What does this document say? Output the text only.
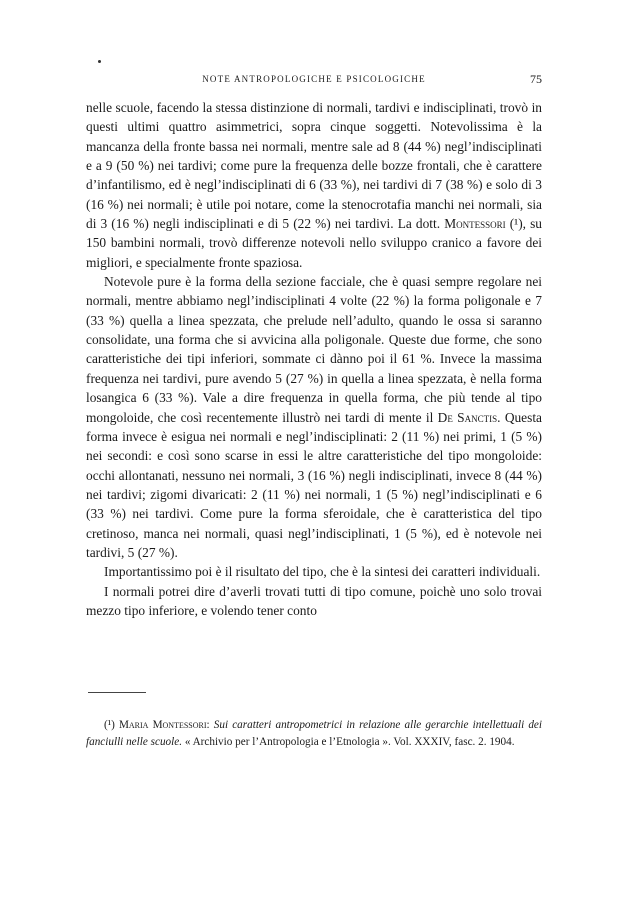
NOTE ANTROPOLOGICHE E PSICOLOGICHE	75

nelle scuole, facendo la stessa distinzione di normali, tardivi e indisciplinati, trovò in questi ultimi quattro asimmetrici, sopra cinque soggetti. Notevolissima è la mancanza della fronte bassa nei normali, mentre sale ad 8 (44 %) negl’indisciplinati e a 9 (50 %) nei tardivi; come pure la frequenza delle bozze frontali, che è carattere d’infantilismo, ed è negl’indisciplinati di 6 (33 %), nei tardivi di 7 (38 %) e solo di 3 (16 %) nei normali; è utile poi notare, come la stenocrotafia manchi nei normali, sia di 3 (16 %) negli indisciplinati e di 5 (22 %) nei tardivi. La dott. Montessori (¹), su 150 bambini normali, trovò differenze notevoli nello sviluppo cranico a favore dei migliori, e specialmente fronte spaziosa.

Notevole pure è la forma della sezione facciale, che è quasi sempre regolare nei normali, mentre abbiamo negl’indisciplinati 4 volte (22 %) la forma poligonale e 7 (33 %) quella a linea spezzata, che prelude nell’adulto, quando le ossa si saranno consolidate, una forma che si avvicina alla poligonale. Queste due forme, che sono caratteristiche dei tipi inferiori, sommate ci dànno poi il 61 %. Invece la massima frequenza nei tardivi, pure avendo 5 (27 %) in quella a linea spezzata, è nella forma losangica 6 (33 %). Vale a dire frequenza in quella forma, che più tende al tipo mongoloide, che così recentemente illustrò nei tardi di mente il De Sanctis. Questa forma invece è esigua nei normali e negl’indisciplinati: 2 (11 %) nei primi, 1 (5 %) nei secondi: e così sono scarse in essi le altre caratteristiche del tipo mongoloide: occhi allontanati, nessuno nei normali, 3 (16 %) negli indisciplinati, invece 8 (44 %) nei tardivi; zigomi divaricati: 2 (11 %) nei normali, 1 (5 %) negl’indisciplinati e 6 (33 %) nei tardivi. Come pure la forma sferoidale, che è caratteristica del tipo cretinoso, manca nei normali, quasi negl’indisciplinati, 1 (5 %), ed è notevole nei tardivi, 5 (27 %).

Importantissimo poi è il risultato del tipo, che è la sintesi dei caratteri individuali.

I normali potrei dire d’averli trovati tutti di tipo comune, poichè uno solo trovai mezzo tipo inferiore, e volendo tener conto

(¹) Maria Montessori: Sui caratteri antropometrici in relazione alle gerarchie intellettuali dei fanciulli nelle scuole. « Archivio per l’Antropologia e l’Etnologia ». Vol. XXXIV, fasc. 2. 1904.
